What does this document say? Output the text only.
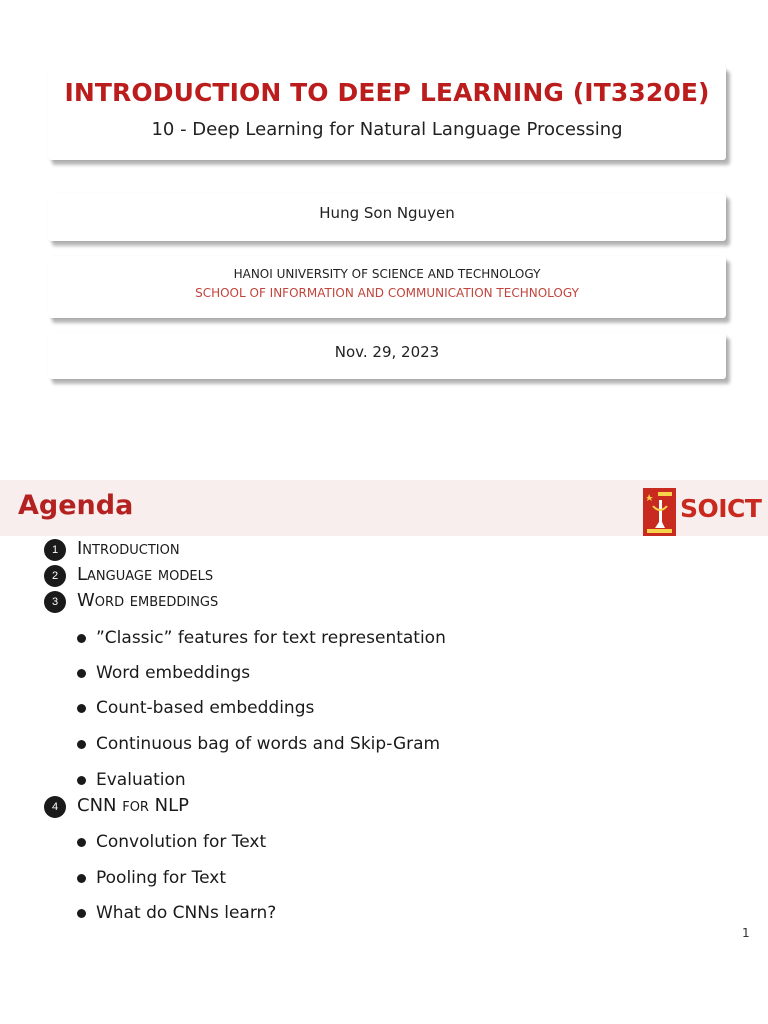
INTRODUCTION TO DEEP LEARNING (IT3320E)
10 - Deep Learning for Natural Language Processing
Hung Son Nguyen
HANOI UNIVERSITY OF SCIENCE AND TECHNOLOGY
SCHOOL OF INFORMATION AND COMMUNICATION TECHNOLOGY
Nov. 29, 2023
Agenda	SOICT
1	Introduction
2	Language models
3	Word embeddings
”Classic” features for text representation
Word embeddings
Count-based embeddings
Continuous bag of words and Skip-Gram
Evaluation
4	CNN for NLP
Convolution for Text
Pooling for Text
What do CNNs learn?
1
